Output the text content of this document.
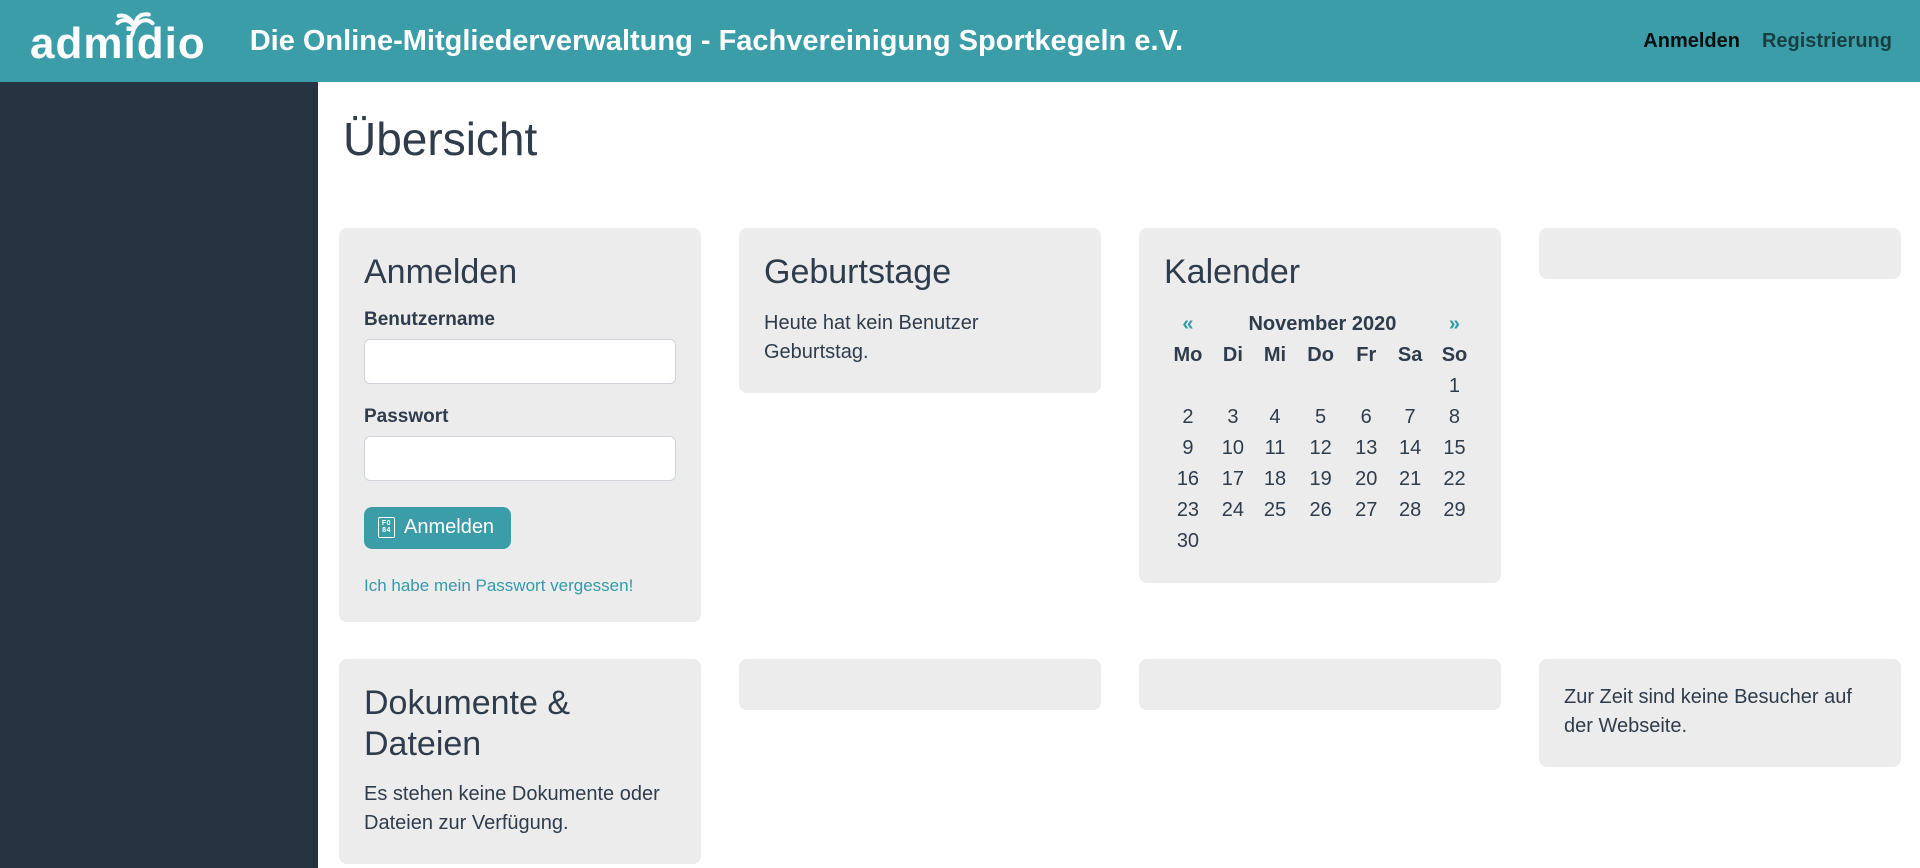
admidio Die Online-Mitgliederverwaltung - Fachvereinigung Sportkegeln e.V.	Anmelden Registrierung
Übersicht
Anmelden
Benutzername
Passwort
F0
84 Anmelden
Ich habe mein Passwort vergessen!
Geburtstage

Heute hat kein Benutzer Geburtstag.

Kalender
«	November 2020					»
Mo	Di	Mi	Do	Fr	Sa	So
						1
2	3	4	5	6	7	8
9	10	11	12	13	14	15
16	17	18	19	20	21	22
23	24	25	26	27	28	29
30						
Dokumente & Dateien

Es stehen keine Dokumente oder Dateien zur Verfügung.

Zur Zeit sind keine Besucher auf der Webseite.
